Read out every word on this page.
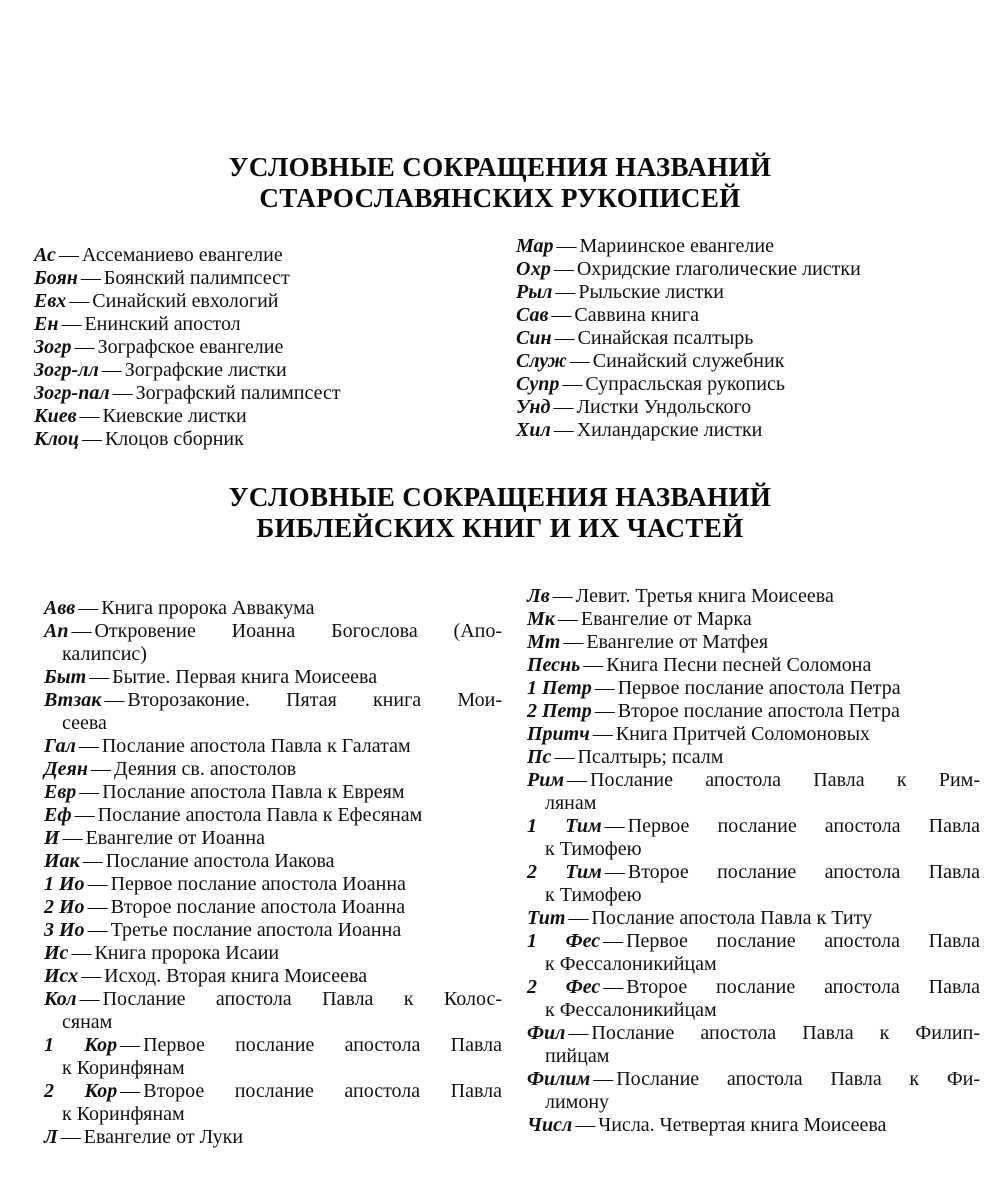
УСЛОВНЫЕ СОКРАЩЕНИЯ НАЗВАНИЙ
СТАРОСЛАВЯНСКИХ РУКОПИСЕЙ
Ас — Ассеманиево евангелие
Боян — Боянский палимпсест
Евх — Синайский евхологий
Ен — Енинский апостол
Зогр — Зографское евангелие
Зогр-лл — Зографские листки
Зогр-пал — Зографский палимпсест
Киев — Киевские листки
Клоц — Клоцов сборник
Мар — Мариинское евангелие
Охр — Охридские глаголические листки
Рыл — Рыльские листки
Сав — Саввина книга
Син — Синайская псалтырь
Служ — Синайский служебник
Супр — Супрасльская рукопись
Унд — Листки Ундольского
Хил — Хиландарские листки
УСЛОВНЫЕ СОКРАЩЕНИЯ НАЗВАНИЙ
БИБЛЕЙСКИХ КНИГ И ИХ ЧАСТЕЙ
Авв — Книга пророка Аввакума
Ап — Откровение Иоанна Богослова (Апо-
калипсис)
Быт — Бытие. Первая книга Моисеева
Втзак — Второзаконие. Пятая книга Мои-
сеева
Гал — Послание апостола Павла к Галатам
Деян — Деяния св. апостолов
Евр — Послание апостола Павла к Евреям
Еф — Послание апостола Павла к Ефесянам
И — Евангелие от Иоанна
Иак — Послание апостола Иакова
1 Ио — Первое послание апостола Иоанна
2 Ио — Второе послание апостола Иоанна
3 Ио — Третье послание апостола Иоанна
Ис — Книга пророка Исаии
Исх — Исход. Вторая книга Моисеева
Кол — Послание апостола Павла к Колос-
сянам
1 Кор — Первое послание апостола Павла
к Коринфянам
2 Кор — Второе послание апостола Павла
к Коринфянам
Л — Евангелие от Луки
Лв — Левит. Третья книга Моисеева
Мк — Евангелие от Марка
Мт — Евангелие от Матфея
Песнь — Книга Песни песней Соломона
1 Петр — Первое послание апостола Петра
2 Петр — Второе послание апостола Петра
Притч — Книга Притчей Соломоновых
Пс — Псалтырь; псалм
Рим — Послание апостола Павла к Рим-
лянам
1 Тим — Первое послание апостола Павла
к Тимофею
2 Тим — Второе послание апостола Павла
к Тимофею
Тит — Послание апостола Павла к Титу
1 Фес — Первое послание апостола Павла
к Фессалоникийцам
2 Фес — Второе послание апостола Павла
к Фессалоникийцам
Фил — Послание апостола Павла к Филип-
пийцам
Филим — Послание апостола Павла к Фи-
лимону
Числ — Числа. Четвертая книга Моисеева
